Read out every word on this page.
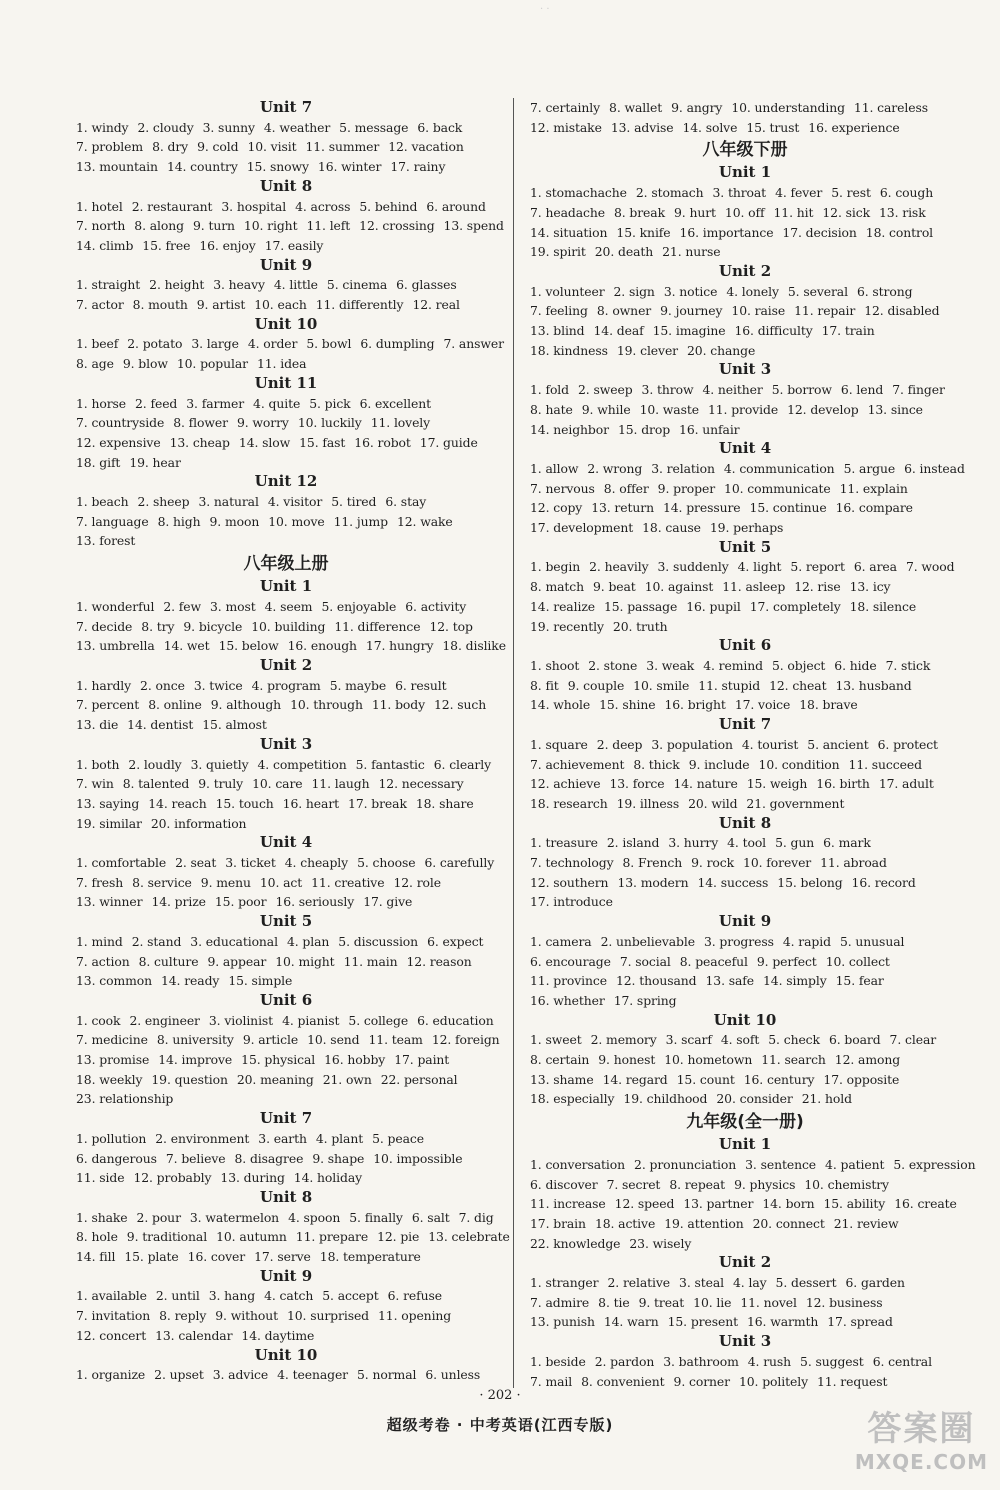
· ·
Unit 7
1. windy 2. cloudy 3. sunny 4. weather 5. message 6. back
7. problem 8. dry 9. cold 10. visit 11. summer 12. vacation
13. mountain 14. country 15. snowy 16. winter 17. rainy
Unit 8
1. hotel 2. restaurant 3. hospital 4. across 5. behind 6. around
7. north 8. along 9. turn 10. right 11. left 12. crossing 13. spend
14. climb 15. free 16. enjoy 17. easily
Unit 9
1. straight 2. height 3. heavy 4. little 5. cinema 6. glasses
7. actor 8. mouth 9. artist 10. each 11. differently 12. real
Unit 10
1. beef 2. potato 3. large 4. order 5. bowl 6. dumpling 7. answer
8. age 9. blow 10. popular 11. idea
Unit 11
1. horse 2. feed 3. farmer 4. quite 5. pick 6. excellent
7. countryside 8. flower 9. worry 10. luckily 11. lovely
12. expensive 13. cheap 14. slow 15. fast 16. robot 17. guide
18. gift 19. hear
Unit 12
1. beach 2. sheep 3. natural 4. visitor 5. tired 6. stay
7. language 8. high 9. moon 10. move 11. jump 12. wake
13. forest
八年级上册
Unit 1
1. wonderful 2. few 3. most 4. seem 5. enjoyable 6. activity
7. decide 8. try 9. bicycle 10. building 11. difference 12. top
13. umbrella 14. wet 15. below 16. enough 17. hungry 18. dislike
Unit 2
1. hardly 2. once 3. twice 4. program 5. maybe 6. result
7. percent 8. online 9. although 10. through 11. body 12. such
13. die 14. dentist 15. almost
Unit 3
1. both 2. loudly 3. quietly 4. competition 5. fantastic 6. clearly
7. win 8. talented 9. truly 10. care 11. laugh 12. necessary
13. saying 14. reach 15. touch 16. heart 17. break 18. share
19. similar 20. information
Unit 4
1. comfortable 2. seat 3. ticket 4. cheaply 5. choose 6. carefully
7. fresh 8. service 9. menu 10. act 11. creative 12. role
13. winner 14. prize 15. poor 16. seriously 17. give
Unit 5
1. mind 2. stand 3. educational 4. plan 5. discussion 6. expect
7. action 8. culture 9. appear 10. might 11. main 12. reason
13. common 14. ready 15. simple
Unit 6
1. cook 2. engineer 3. violinist 4. pianist 5. college 6. education
7. medicine 8. university 9. article 10. send 11. team 12. foreign
13. promise 14. improve 15. physical 16. hobby 17. paint
18. weekly 19. question 20. meaning 21. own 22. personal
23. relationship
Unit 7
1. pollution 2. environment 3. earth 4. plant 5. peace
6. dangerous 7. believe 8. disagree 9. shape 10. impossible
11. side 12. probably 13. during 14. holiday
Unit 8
1. shake 2. pour 3. watermelon 4. spoon 5. finally 6. salt 7. dig
8. hole 9. traditional 10. autumn 11. prepare 12. pie 13. celebrate
14. fill 15. plate 16. cover 17. serve 18. temperature
Unit 9
1. available 2. until 3. hang 4. catch 5. accept 6. refuse
7. invitation 8. reply 9. without 10. surprised 11. opening
12. concert 13. calendar 14. daytime
Unit 10
1. organize 2. upset 3. advice 4. teenager 5. normal 6. unless
7. certainly 8. wallet 9. angry 10. understanding 11. careless
12. mistake 13. advise 14. solve 15. trust 16. experience
八年级下册
Unit 1
1. stomachache 2. stomach 3. throat 4. fever 5. rest 6. cough
7. headache 8. break 9. hurt 10. off 11. hit 12. sick 13. risk
14. situation 15. knife 16. importance 17. decision 18. control
19. spirit 20. death 21. nurse
Unit 2
1. volunteer 2. sign 3. notice 4. lonely 5. several 6. strong
7. feeling 8. owner 9. journey 10. raise 11. repair 12. disabled
13. blind 14. deaf 15. imagine 16. difficulty 17. train
18. kindness 19. clever 20. change
Unit 3
1. fold 2. sweep 3. throw 4. neither 5. borrow 6. lend 7. finger
8. hate 9. while 10. waste 11. provide 12. develop 13. since
14. neighbor 15. drop 16. unfair
Unit 4
1. allow 2. wrong 3. relation 4. communication 5. argue 6. instead
7. nervous 8. offer 9. proper 10. communicate 11. explain
12. copy 13. return 14. pressure 15. continue 16. compare
17. development 18. cause 19. perhaps
Unit 5
1. begin 2. heavily 3. suddenly 4. light 5. report 6. area 7. wood
8. match 9. beat 10. against 11. asleep 12. rise 13. icy
14. realize 15. passage 16. pupil 17. completely 18. silence
19. recently 20. truth
Unit 6
1. shoot 2. stone 3. weak 4. remind 5. object 6. hide 7. stick
8. fit 9. couple 10. smile 11. stupid 12. cheat 13. husband
14. whole 15. shine 16. bright 17. voice 18. brave
Unit 7
1. square 2. deep 3. population 4. tourist 5. ancient 6. protect
7. achievement 8. thick 9. include 10. condition 11. succeed
12. achieve 13. force 14. nature 15. weigh 16. birth 17. adult
18. research 19. illness 20. wild 21. government
Unit 8
1. treasure 2. island 3. hurry 4. tool 5. gun 6. mark
7. technology 8. French 9. rock 10. forever 11. abroad
12. southern 13. modern 14. success 15. belong 16. record
17. introduce
Unit 9
1. camera 2. unbelievable 3. progress 4. rapid 5. unusual
6. encourage 7. social 8. peaceful 9. perfect 10. collect
11. province 12. thousand 13. safe 14. simply 15. fear
16. whether 17. spring
Unit 10
1. sweet 2. memory 3. scarf 4. soft 5. check 6. board 7. clear
8. certain 9. honest 10. hometown 11. search 12. among
13. shame 14. regard 15. count 16. century 17. opposite
18. especially 19. childhood 20. consider 21. hold
九年级(全一册)
Unit 1
1. conversation 2. pronunciation 3. sentence 4. patient 5. expression
6. discover 7. secret 8. repeat 9. physics 10. chemistry
11. increase 12. speed 13. partner 14. born 15. ability 16. create
17. brain 18. active 19. attention 20. connect 21. review
22. knowledge 23. wisely
Unit 2
1. stranger 2. relative 3. steal 4. lay 5. dessert 6. garden
7. admire 8. tie 9. treat 10. lie 11. novel 12. business
13. punish 14. warn 15. present 16. warmth 17. spread
Unit 3
1. beside 2. pardon 3. bathroom 4. rush 5. suggest 6. central
7. mail 8. convenient 9. corner 10. politely 11. request
· 202 ·
超级考卷 · 中考英语(江西专版)	答案圈
MXQE.COM
